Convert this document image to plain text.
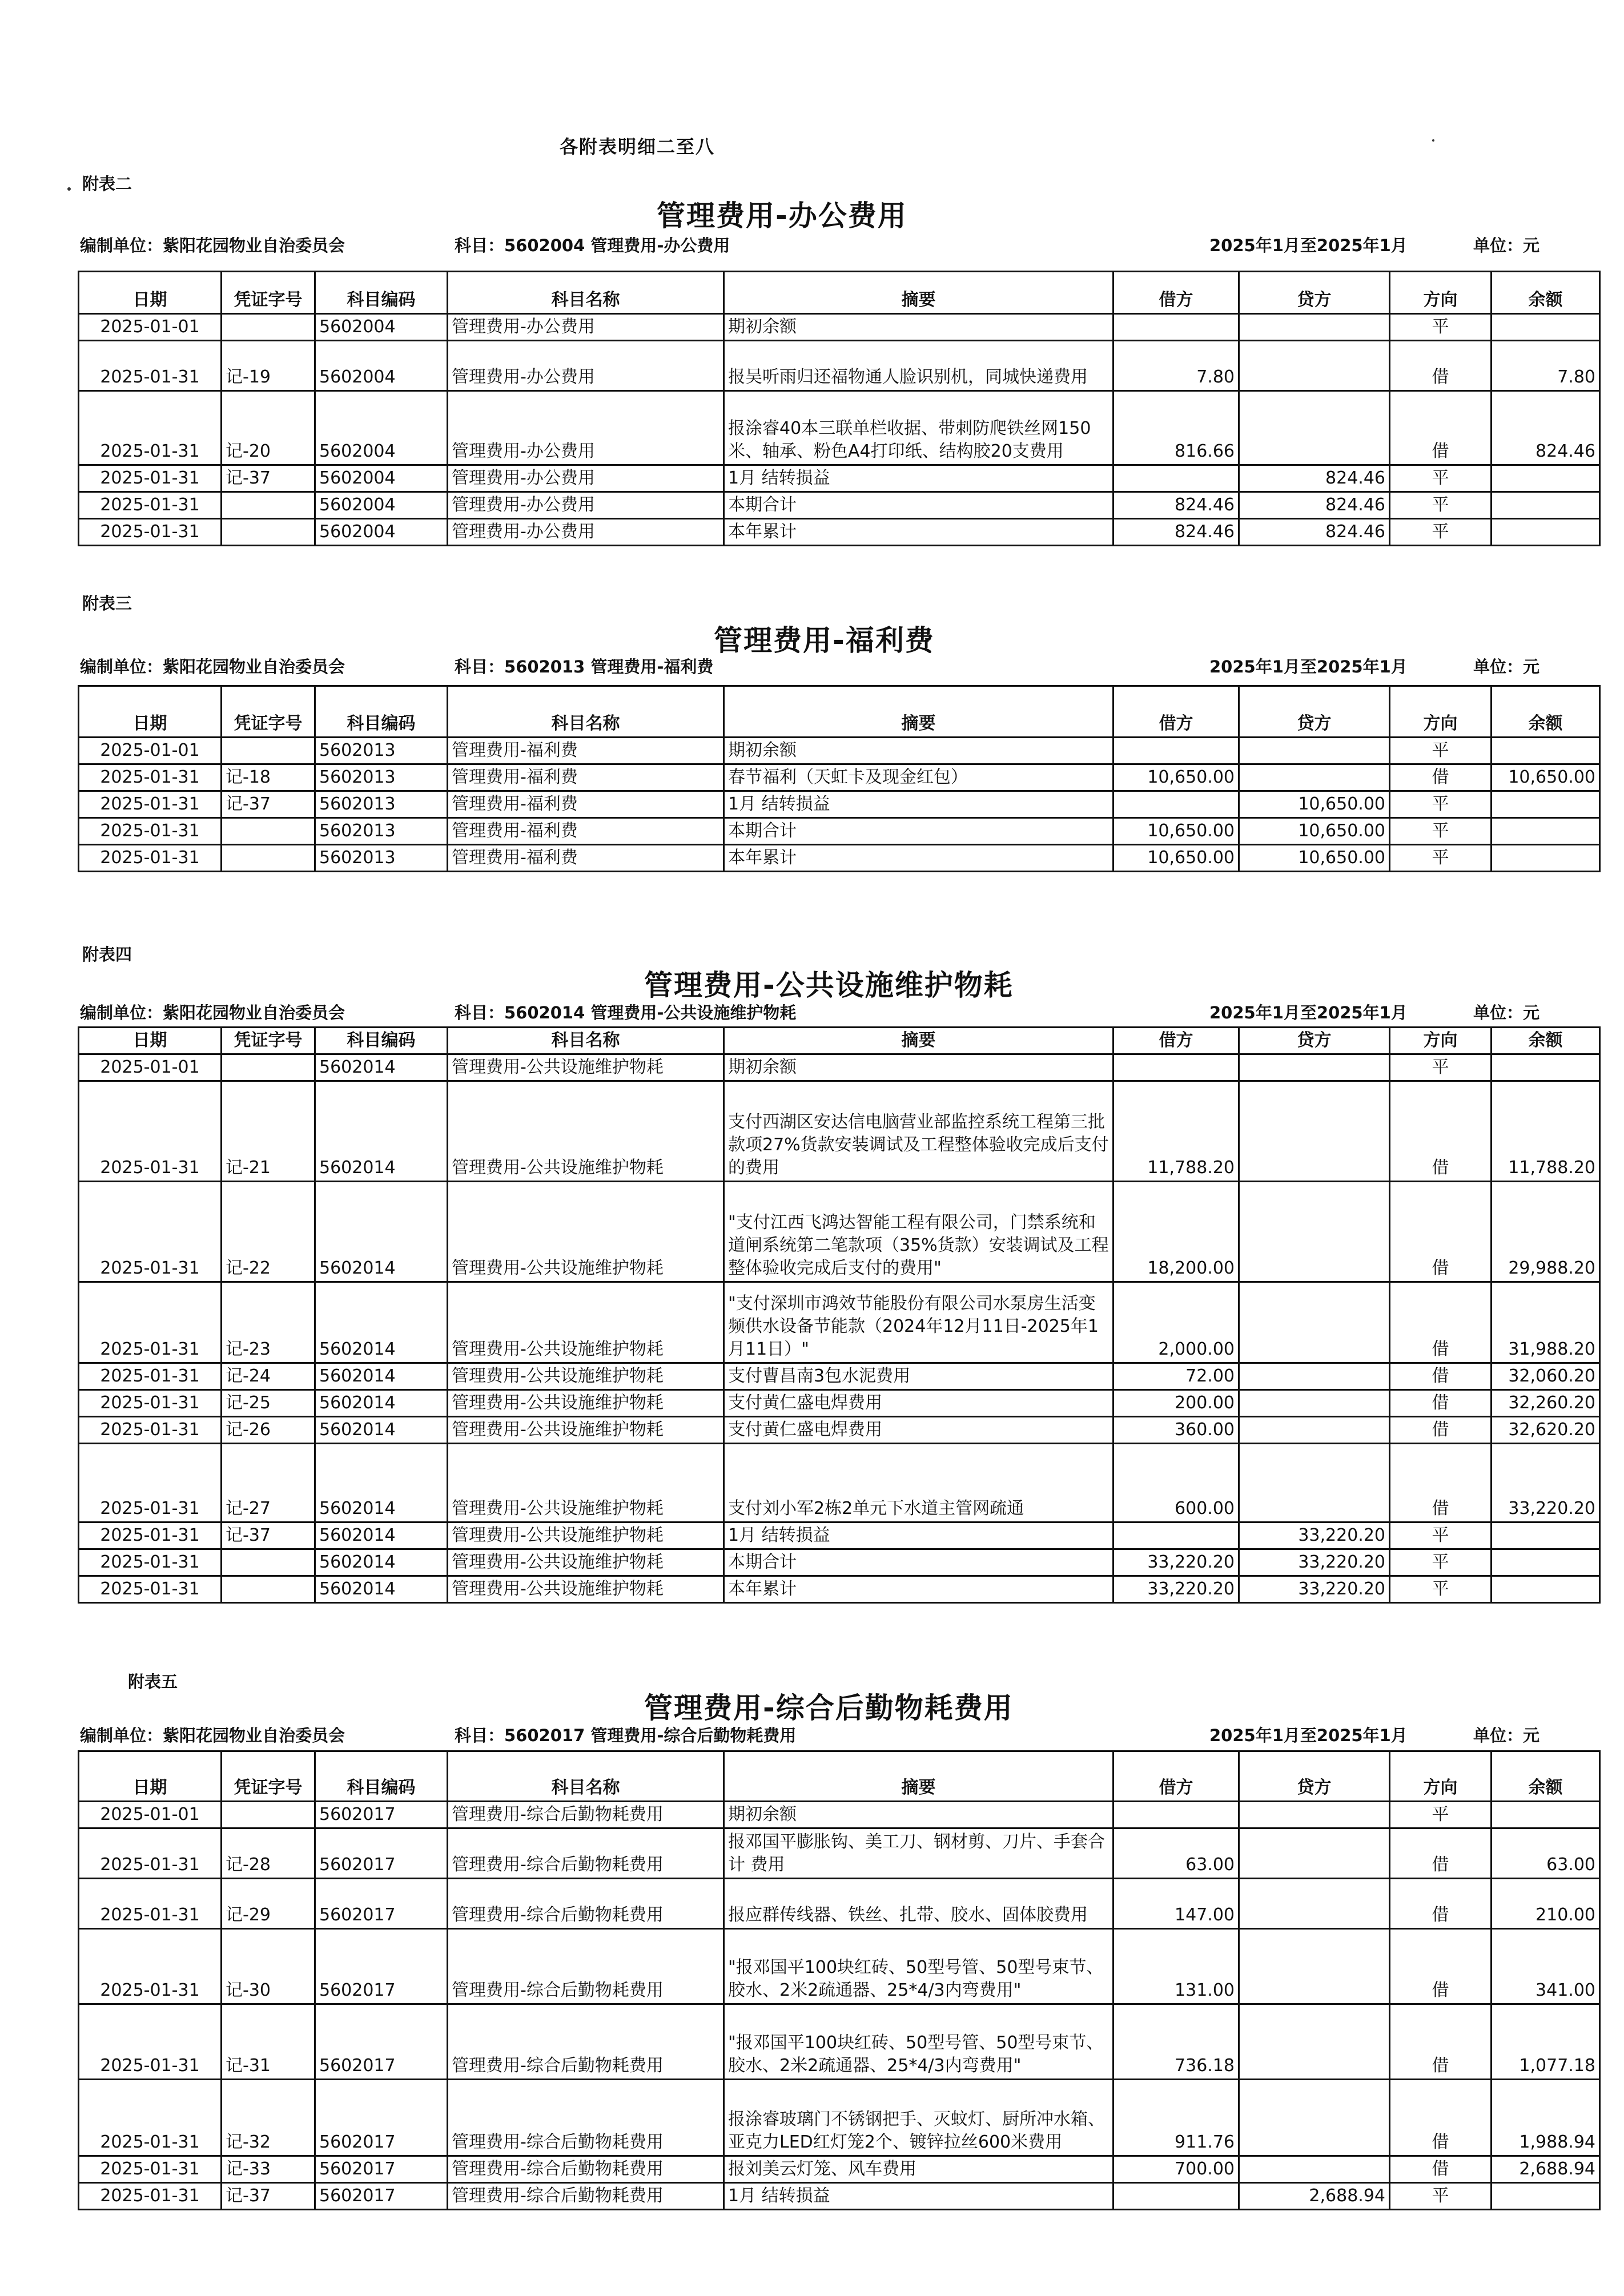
各附表明细二至八
附表二
管理费用-办公费用
编制单位：紫阳花园物业自治委员会	科目：5602004 管理费用-办公费用	2025年1月至2025年1月	单位：元
日期	凭证字号	科目编码	科目名称	摘要	借方	贷方	方向	余额
2025-01-01		5602004	管理费用-办公费用	期初余额			平	
2025-01-31	记-19	5602004	管理费用-办公费用	报吴听雨归还福物通人脸识别机，同城快递费用	7.80		借	7.80
2025-01-31	记-20	5602004	管理费用-办公费用	报涂睿40本三联单栏收据、带刺防爬铁丝网150米、轴承、粉色A4打印纸、结构胶20支费用	816.66		借	824.46
2025-01-31	记-37	5602004	管理费用-办公费用	1月 结转损益		824.46	平	
2025-01-31		5602004	管理费用-办公费用	本期合计	824.46	824.46	平	
2025-01-31		5602004	管理费用-办公费用	本年累计	824.46	824.46	平	
附表三
管理费用-福利费
编制单位：紫阳花园物业自治委员会	科目：5602013 管理费用-福利费	2025年1月至2025年1月	单位：元
日期	凭证字号	科目编码	科目名称	摘要	借方	贷方	方向	余额
2025-01-01		5602013	管理费用-福利费	期初余额			平	
2025-01-31	记-18	5602013	管理费用-福利费	春节福利（天虹卡及现金红包）	10,650.00		借	10,650.00
2025-01-31	记-37	5602013	管理费用-福利费	1月 结转损益		10,650.00	平	
2025-01-31		5602013	管理费用-福利费	本期合计	10,650.00	10,650.00	平	
2025-01-31		5602013	管理费用-福利费	本年累计	10,650.00	10,650.00	平	
附表四
管理费用-公共设施维护物耗
编制单位：紫阳花园物业自治委员会	科目：5602014 管理费用-公共设施维护物耗	2025年1月至2025年1月	单位：元
日期	凭证字号	科目编码	科目名称	摘要	借方	贷方	方向	余额
2025-01-01		5602014	管理费用-公共设施维护物耗	期初余额			平	
2025-01-31	记-21	5602014	管理费用-公共设施维护物耗	支付西湖区安达信电脑营业部监控系统工程第三批款项27%货款安装调试及工程整体验收完成后支付的费用	11,788.20		借	11,788.20
2025-01-31	记-22	5602014	管理费用-公共设施维护物耗	"支付江西飞鸿达智能工程有限公司，门禁系统和道闸系统第二笔款项（35%货款）安装调试及工程整体验收完成后支付的费用"	18,200.00		借	29,988.20
2025-01-31	记-23	5602014	管理费用-公共设施维护物耗	"支付深圳市鸿效节能股份有限公司水泵房生活变频供水设备节能款（2024年12月11日-2025年1月11日）"	2,000.00		借	31,988.20
2025-01-31	记-24	5602014	管理费用-公共设施维护物耗	支付曹昌南3包水泥费用	72.00		借	32,060.20
2025-01-31	记-25	5602014	管理费用-公共设施维护物耗	支付黄仁盛电焊费用	200.00		借	32,260.20
2025-01-31	记-26	5602014	管理费用-公共设施维护物耗	支付黄仁盛电焊费用	360.00		借	32,620.20
2025-01-31	记-27	5602014	管理费用-公共设施维护物耗	支付刘小军2栋2单元下水道主管网疏通	600.00		借	33,220.20
2025-01-31	记-37	5602014	管理费用-公共设施维护物耗	1月 结转损益		33,220.20	平	
2025-01-31		5602014	管理费用-公共设施维护物耗	本期合计	33,220.20	33,220.20	平	
2025-01-31		5602014	管理费用-公共设施维护物耗	本年累计	33,220.20	33,220.20	平	
附表五
管理费用-综合后勤物耗费用
编制单位：紫阳花园物业自治委员会	科目：5602017 管理费用-综合后勤物耗费用	2025年1月至2025年1月	单位：元
日期	凭证字号	科目编码	科目名称	摘要	借方	贷方	方向	余额
2025-01-01		5602017	管理费用-综合后勤物耗费用	期初余额			平	
2025-01-31	记-28	5602017	管理费用-综合后勤物耗费用	报邓国平膨胀钩、美工刀、钢材剪、刀片、手套合计 费用	63.00		借	63.00
2025-01-31	记-29	5602017	管理费用-综合后勤物耗费用	报应群传线器、铁丝、扎带、胶水、固体胶费用	147.00		借	210.00
2025-01-31	记-30	5602017	管理费用-综合后勤物耗费用	"报邓国平100块红砖、50型号管、50型号束节、胶水、2米2疏通器、25*4/3内弯费用"	131.00		借	341.00
2025-01-31	记-31	5602017	管理费用-综合后勤物耗费用	"报邓国平100块红砖、50型号管、50型号束节、胶水、2米2疏通器、25*4/3内弯费用"	736.18		借	1,077.18
2025-01-31	记-32	5602017	管理费用-综合后勤物耗费用	报涂睿玻璃门不锈钢把手、灭蚊灯、厨所冲水箱、亚克力LED红灯笼2个、镀锌拉丝600米费用	911.76		借	1,988.94
2025-01-31	记-33	5602017	管理费用-综合后勤物耗费用	报刘美云灯笼、风车费用	700.00		借	2,688.94
2025-01-31	记-37	5602017	管理费用-综合后勤物耗费用	1月 结转损益		2,688.94	平	
